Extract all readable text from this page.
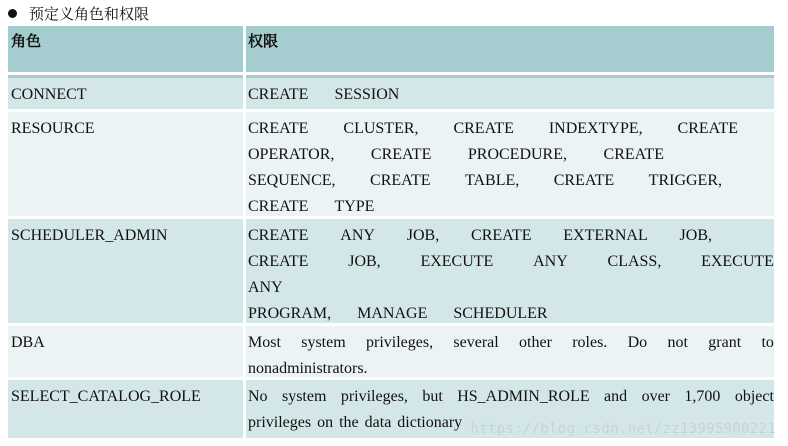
预定义角色和权限
角色	权限
CONNECT	CREATE SESSION
RESOURCE	CREATE CLUSTER, CREATE INDEXTYPE, CREATE
OPERATOR, CREATE PROCEDURE, CREATE
SEQUENCE, CREATE TABLE, CREATE TRIGGER,
CREATE TYPE
SCHEDULER_ADMIN	CREATE ANY JOB, CREATE EXTERNAL JOB,
CREATE JOB, EXECUTE ANY CLASS, EXECUTE
ANY
PROGRAM, MANAGE SCHEDULER
DBA	Most system privileges, several other roles. Do not grant to
nonadministrators.
SELECT_CATALOG_ROLE	No system privileges, but HS_ADMIN_ROLE and over 1,700 object
privileges on the data dictionary https://blog.csdn.net/zz13995900221
